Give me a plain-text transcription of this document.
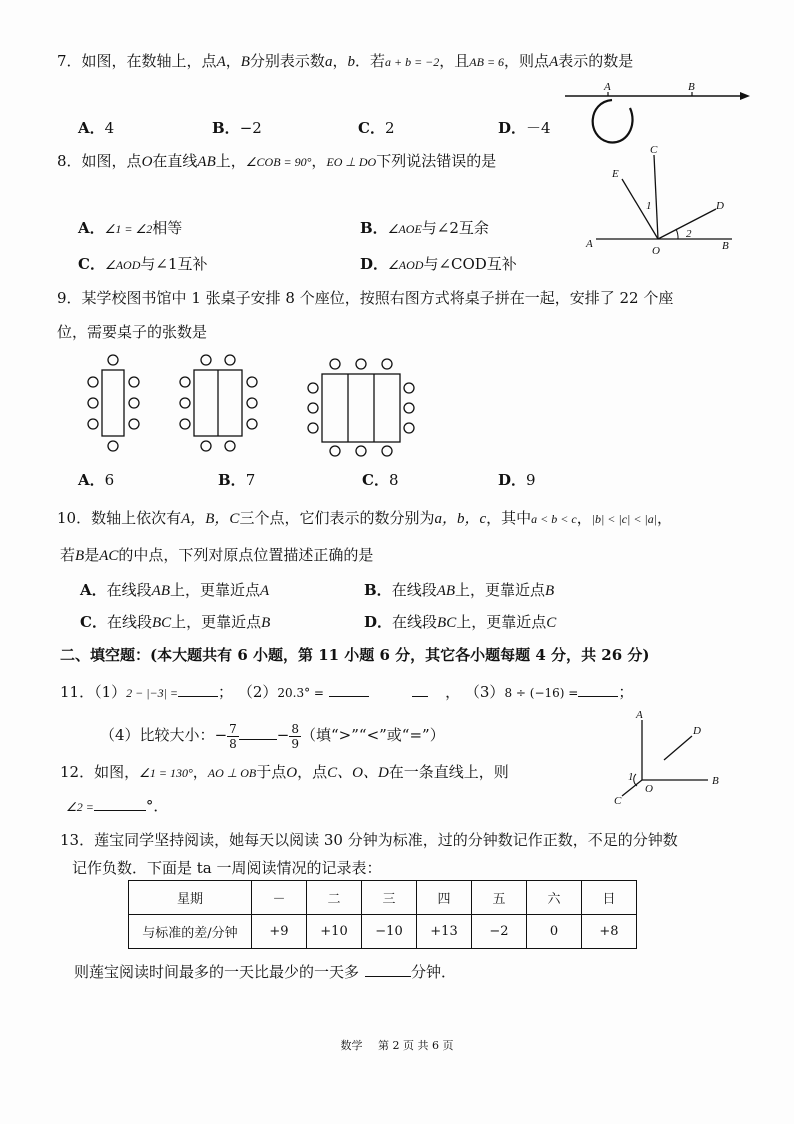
7．如图，在数轴上，点A，B分别表示数a，b．若a + b = −2，且AB = 6，则点A表示的数是
A	B
A．4	B．−2	C．2	D．－4
8．如图，点O在直线AB上，∠COB = 90°，EO ⊥ DO下列说法错误的是
C
E
D
A
O	B
1
2
A．∠1 = ∠2相等	B．∠AOE与∠2互余
C．∠AOD与∠1互补	D．∠AOD与∠COD互补
9．某学校图书馆中 1 张桌子安排 8 个座位，按照右图方式将桌子拼在一起，安排了 22 个座
位，需要桌子的张数是
A．6	B．7	C．8	D．9
10．数轴上依次有A，B，C三个点，它们表示的数分别为a，b，c，其中a < b < c，|b| < |c| < |a|，
若B是AC的中点，下列对原点位置描述正确的是
A．在线段AB上，更靠近点A	B．在线段AB上，更靠近点B
C．在线段BC上，更靠近点B	D．在线段BC上，更靠近点C
二、填空题：(本大题共有 6 小题，第 11 小题 6 分，其它各小题每题 4 分，共 26 分)
11．（1）2 − |−3| =	； （2）20.3° =	， （3）8 ÷ (−16) =	；
（4）比较大小：− $\frac{7}{8}$	− $\frac{8}{9}$ （填“>”“<”或“=”）
12．如图，∠1 = 130°，AO ⊥ OB于点O，点C、O、D在一条直线上，则
∠2 =	°．
A
D
1
O
B
C
13．莲宝同学坚持阅读，她每天以阅读 30 分钟为标准，过的分钟数记作正数，不足的分钟数
记作负数．下面是 ta 一周阅读情况的记录表：
星期	－	二	三	四	五	六	日
与标准的差/分钟	+9	+10	−10	+13	−2	0	+8
则莲宝阅读时间最多的一天比最少的一天多	分钟．
数学 第 2 页 共 6 页
